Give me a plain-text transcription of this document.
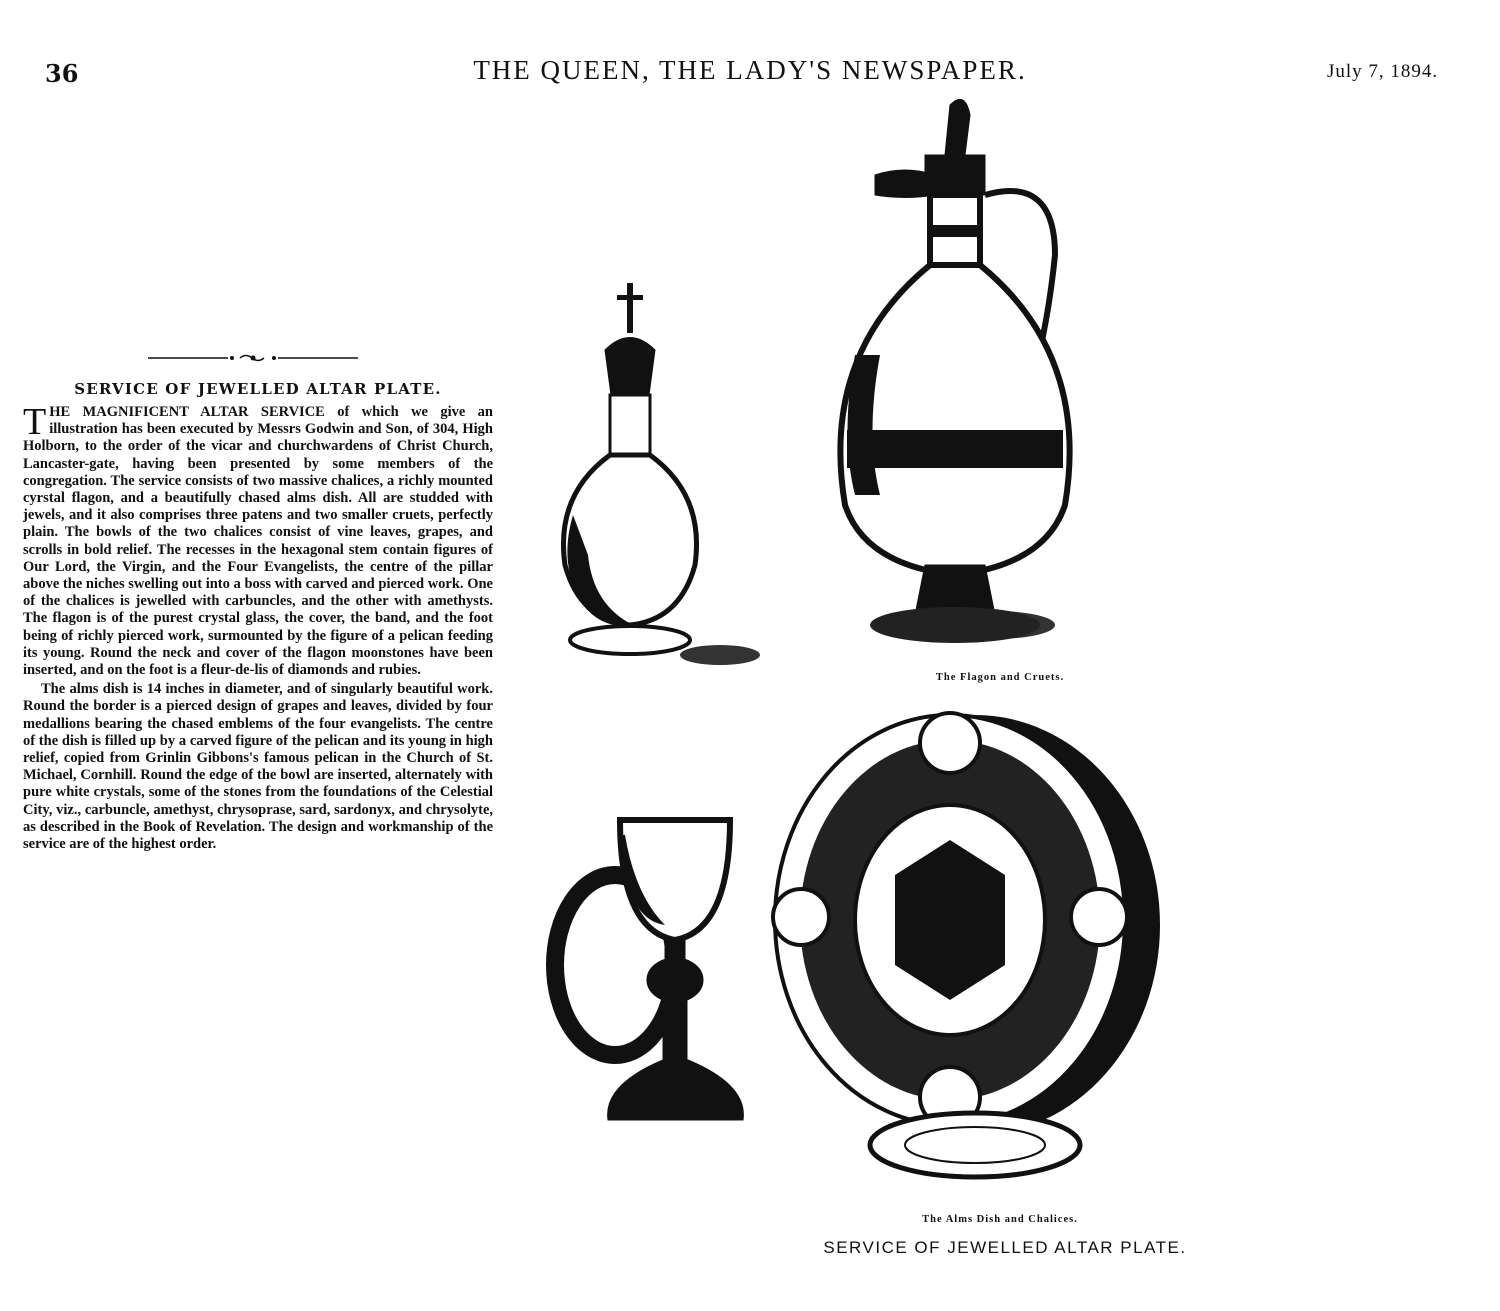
36	THE QUEEN, THE LADY'S NEWSPAPER.	July 7, 1894.
SERVICE OF JEWELLED ALTAR PLATE.

THE MAGNIFICENT ALTAR SERVICE of which we give an illustration has been executed by Messrs Godwin and Son, of 304, High Holborn, to the order of the vicar and churchwardens of Christ Church, Lancaster-gate, having been presented by some members of the congregation. The service consists of two massive chalices, a richly mounted cyrstal flagon, and a beautifully chased alms dish. All are studded with jewels, and it also comprises three patens and two smaller cruets, perfectly plain. The bowls of the two chalices consist of vine leaves, grapes, and scrolls in bold relief. The recesses in the hexagonal stem contain figures of Our Lord, the Virgin, and the Four Evangelists, the centre of the pillar above the niches swelling out into a boss with carved and pierced work. One of the chalices is jewelled with carbuncles, and the other with amethysts. The flagon is of the purest crystal glass, the cover, the band, and the foot being of richly pierced work, surmounted by the figure of a pelican feeding its young. Round the neck and cover of the flagon moonstones have been inserted, and on the foot is a fleur-de-lis of diamonds and rubies.

The alms dish is 14 inches in diameter, and of singularly beautiful work. Round the border is a pierced design of grapes and leaves, divided by four medallions bearing the chased emblems of the four evangelists. The centre of the dish is filled up by a carved figure of the pelican and its young in high relief, copied from Grinlin Gibbons's famous pelican in the Church of St. Michael, Cornhill. Round the edge of the bowl are inserted, alternately with pure white crystals, some of the stones from the foundations of the Celestial City, viz., carbuncle, amethyst, chrysoprase, sard, sardonyx, and chrysolyte, as described in the Book of Revelation. The design and workmanship of the service are of the highest order.

The Flagon and Cruets.
The Alms Dish and Chalices.
SERVICE OF JEWELLED ALTAR PLATE.
